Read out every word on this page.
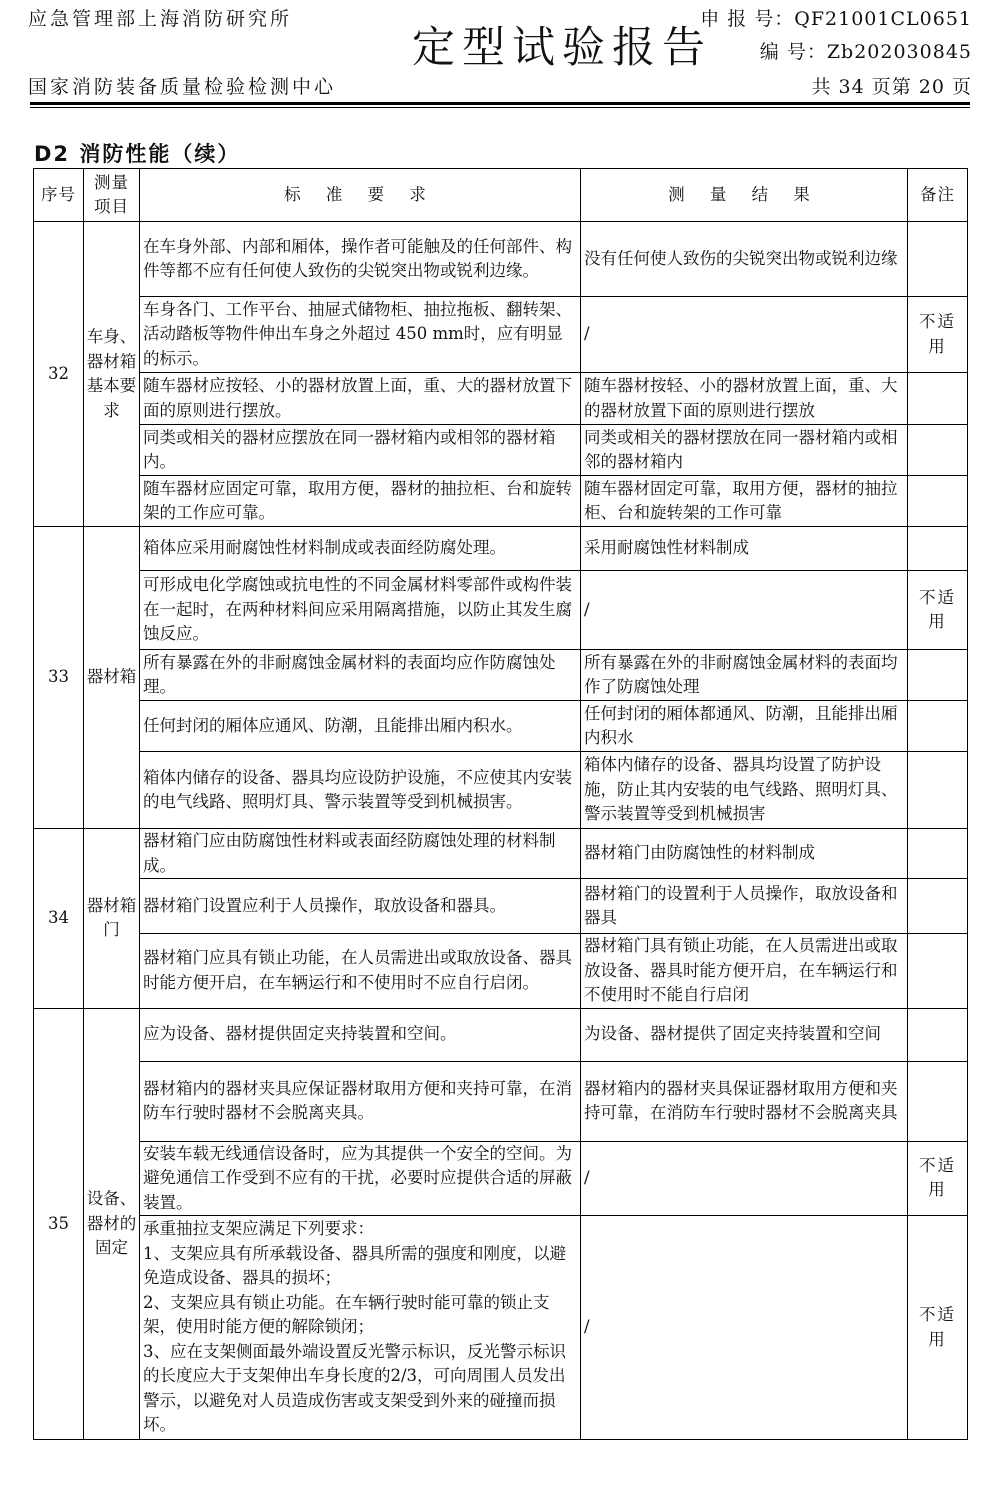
应急管理部上海消防研究所
国家消防装备质量检验检测中心
定型试验报告
申 报 号：QF21001CL0651
编 号：Zb202030845
共 34 页第 20 页
D2 消防性能（续）
序号	测量项目	标 准 要 求	测 量 结 果	备注
32	车身、器材箱基本要求	在车身外部、内部和厢体，操作者可能触及的任何部件、构件等都不应有任何使人致伤的尖锐突出物或锐利边缘。	没有任何使人致伤的尖锐突出物或锐利边缘	
		车身各门、工作平台、抽屉式储物柜、抽拉拖板、翻转架、活动踏板等物件伸出车身之外超过 450 mm时，应有明显的标示。	/	不适用
		随车器材应按轻、小的器材放置上面，重、大的器材放置下面的原则进行摆放。	随车器材按轻、小的器材放置上面，重、大的器材放置下面的原则进行摆放	
		同类或相关的器材应摆放在同一器材箱内或相邻的器材箱内。	同类或相关的器材摆放在同一器材箱内或相邻的器材箱内	
		随车器材应固定可靠，取用方便，器材的抽拉柜、台和旋转架的工作应可靠。	随车器材固定可靠，取用方便，器材的抽拉柜、台和旋转架的工作可靠	
33	器材箱	箱体应采用耐腐蚀性材料制成或表面经防腐处理。	采用耐腐蚀性材料制成	
		可形成电化学腐蚀或抗电性的不同金属材料零部件或构件装在一起时，在两种材料间应采用隔离措施，以防止其发生腐蚀反应。	/	不适用
		所有暴露在外的非耐腐蚀金属材料的表面均应作防腐蚀处理。	所有暴露在外的非耐腐蚀金属材料的表面均作了防腐蚀处理	
		任何封闭的厢体应通风、防潮，且能排出厢内积水。	任何封闭的厢体都通风、防潮，且能排出厢内积水	
		箱体内储存的设备、器具均应设防护设施，不应使其内安装的电气线路、照明灯具、警示装置等受到机械损害。	箱体内储存的设备、器具均设置了防护设施，防止其内安装的电气线路、照明灯具、警示装置等受到机械损害	
34	器材箱门	器材箱门应由防腐蚀性材料或表面经防腐蚀处理的材料制成。	器材箱门由防腐蚀性的材料制成	
		器材箱门设置应利于人员操作，取放设备和器具。	器材箱门的设置利于人员操作，取放设备和器具	
		器材箱门应具有锁止功能，在人员需进出或取放设备、器具时能方便开启，在车辆运行和不使用时不应自行启闭。	器材箱门具有锁止功能，在人员需进出或取放设备、器具时能方便开启，在车辆运行和不使用时不能自行启闭	
35	设备、器材的固定	应为设备、器材提供固定夹持装置和空间。	为设备、器材提供了固定夹持装置和空间	
		器材箱内的器材夹具应保证器材取用方便和夹持可靠，在消防车行驶时器材不会脱离夹具。	器材箱内的器材夹具保证器材取用方便和夹持可靠，在消防车行驶时器材不会脱离夹具	
		安装车载无线通信设备时，应为其提供一个安全的空间。为避免通信工作受到不应有的干扰，必要时应提供合适的屏蔽装置。	/	不适用
		承重抽拉支架应满足下列要求：
1、支架应具有所承载设备、器具所需的强度和刚度，以避免造成设备、器具的损坏；
2、支架应具有锁止功能。在车辆行驶时能可靠的锁止支架，使用时能方便的解除锁闭；
3、应在支架侧面最外端设置反光警示标识，反光警示标识的长度应大于支架伸出车身长度的2/3，可向周围人员发出警示，以避免对人员造成伤害或支架受到外来的碰撞而损坏。	/	不适用
